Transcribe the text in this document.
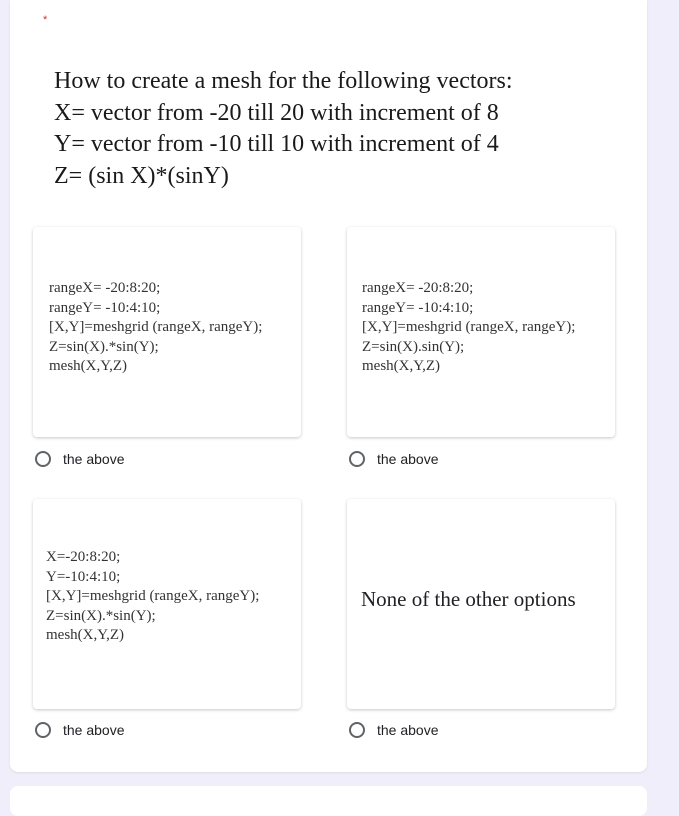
*
How to create a mesh for the following vectors:
X= vector from -20 till 20 with increment of 8
Y= vector from -10 till 10 with increment of 4
Z= (sin X)*(sinY)
rangeX= -20:8:20;
rangeY= -10:4:10;
[X,Y]=meshgrid (rangeX, rangeY);
Z=sin(X).*sin(Y);
mesh(X,Y,Z)
the above
rangeX= -20:8:20;
rangeY= -10:4:10;
[X,Y]=meshgrid (rangeX, rangeY);
Z=sin(X).sin(Y);
mesh(X,Y,Z)
the above
X=-20:8:20;
Y=-10:4:10;
[X,Y]=meshgrid (rangeX, rangeY);
Z=sin(X).*sin(Y);
mesh(X,Y,Z)
the above
None of the other options
the above
